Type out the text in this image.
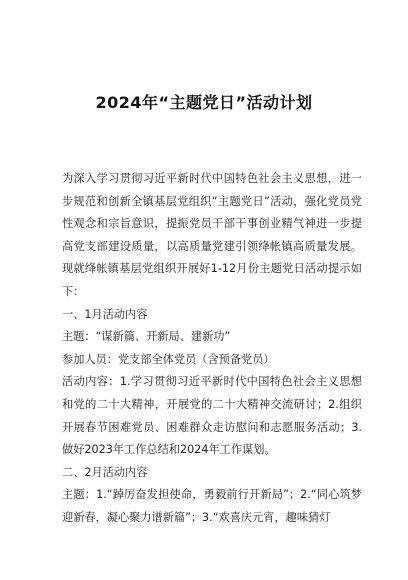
2024年“主题党日”活动计划

为深入学习贯彻习近平新时代中国特色社会主义思想，进一步规范和创新全镇基层党组织“主题党日”活动，强化党员党性观念和宗旨意识，提振党员干部干事创业精气神进一步提高党支部建设质量，以高质量党建引领绛帐镇高质量发展。现就绛帐镇基层党组织开展好1-12月份主题党日活动提示如下：

一、1月活动内容

主题：“谋新篇、开新局、建新功”

参加人员：党支部全体党员（含预备党员）

活动内容：1.学习贯彻习近平新时代中国特色社会主义思想和党的二十大精神，开展党的二十大精神交流研讨；2.组织开展春节困难党员、困难群众走访慰问和志愿服务活动；3.做好2023年工作总结和2024年工作谋划。

二、2月活动内容

主题：1.“踔厉奋发担使命，勇毅前行开新局”；2.“同心筑梦迎新春，凝心聚力谱新篇”；3.“欢喜庆元宵，趣味猜灯
